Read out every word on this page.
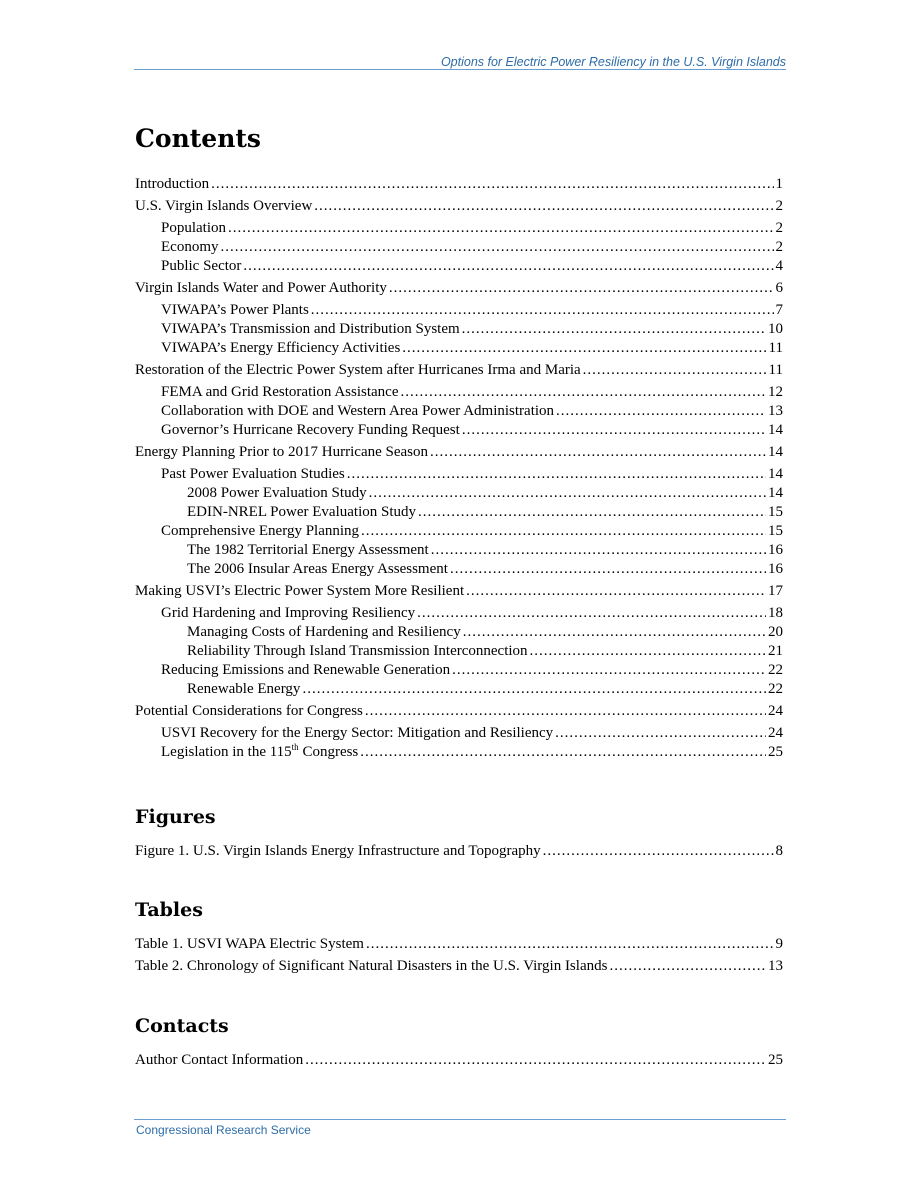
Options for Electric Power Resiliency in the U.S. Virgin Islands
Contents
Introduction .....	1
U.S. Virgin Islands Overview .....	2
Population .....	2
Economy .....	2
Public Sector .....	4
Virgin Islands Water and Power Authority .....	6
VIWAPA’s Power Plants .....	7
VIWAPA’s Transmission and Distribution System .....	10
VIWAPA’s Energy Efficiency Activities .....	11
Restoration of the Electric Power System after Hurricanes Irma and Maria .....	11
FEMA and Grid Restoration Assistance .....	12
Collaboration with DOE and Western Area Power Administration .....	13
Governor’s Hurricane Recovery Funding Request .....	14
Energy Planning Prior to 2017 Hurricane Season .....	14
Past Power Evaluation Studies .....	14
2008 Power Evaluation Study .....	14
EDIN-NREL Power Evaluation Study .....	15
Comprehensive Energy Planning .....	15
The 1982 Territorial Energy Assessment .....	16
The 2006 Insular Areas Energy Assessment .....	16
Making USVI’s Electric Power System More Resilient .....	17
Grid Hardening and Improving Resiliency .....	18
Managing Costs of Hardening and Resiliency .....	20
Reliability Through Island Transmission Interconnection .....	21
Reducing Emissions and Renewable Generation .....	22
Renewable Energy .....	22
Potential Considerations for Congress .....	24
USVI Recovery for the Energy Sector: Mitigation and Resiliency .....	24
Legislation in the 115th Congress .....	25
Figures
Figure 1. U.S. Virgin Islands Energy Infrastructure and Topography .....	8
Tables
Table 1. USVI WAPA Electric System .....	9
Table 2. Chronology of Significant Natural Disasters in the U.S. Virgin Islands .....	13
Contacts
Author Contact Information .....	25
Congressional Research Service
